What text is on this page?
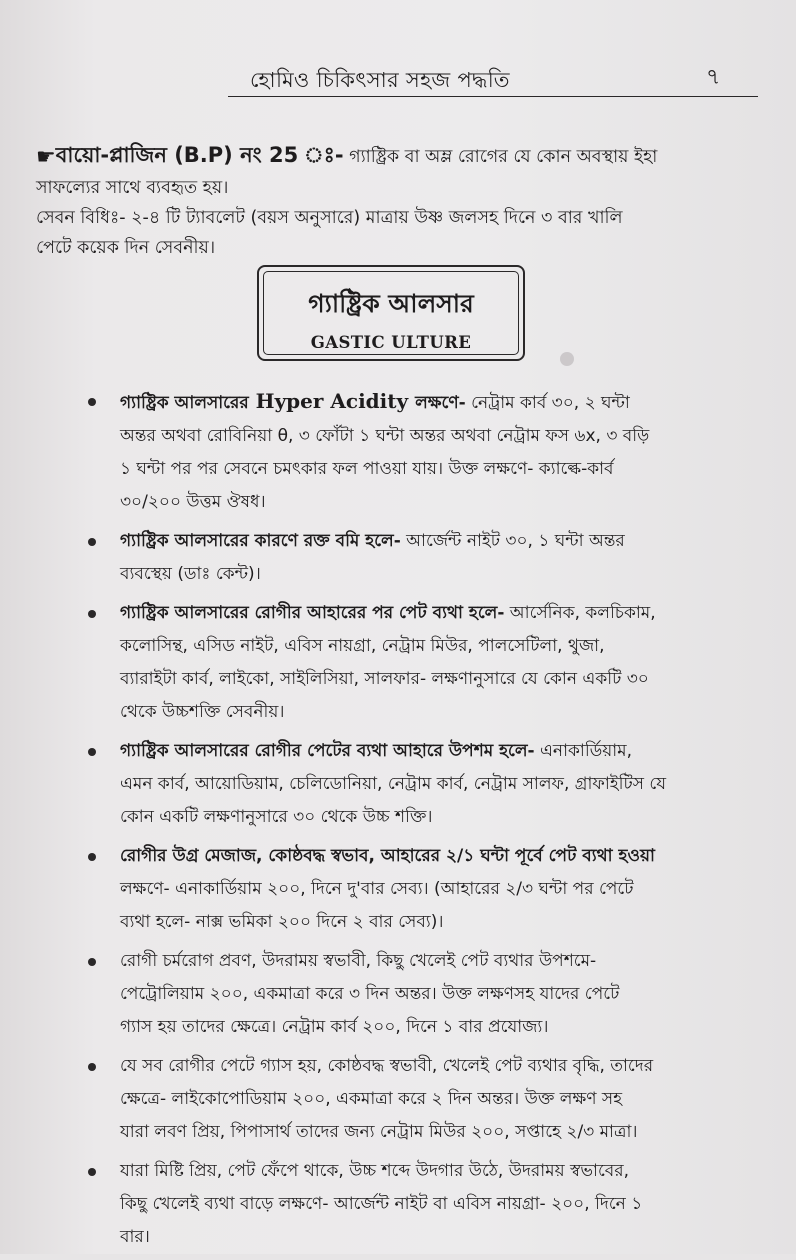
হোমিও চিকিৎসার সহজ পদ্ধতি	৭
☛বায়ো-প্লাজিন (B.P) নং 25 ঃ- গ্যাষ্ট্রিক বা অম্ল রোগের যে কোন অবস্থায় ইহা
সাফল্যের সাথে ব্যবহৃত হয়।
সেবন বিধিঃ- ২-৪ টি ট্যাবলেট (বয়স অনুসারে) মাত্রায় উষ্ণ জলসহ দিনে ৩ বার খালি
পেটে কয়েক দিন সেবনীয়।
গ্যাষ্ট্রিক আলসার
GASTIC ULTURE
গ্যাষ্ট্রিক আলসারের Hyper Acidity লক্ষণে- নেট্রাম কার্ব ৩০, ২ ঘন্টা
অন্তর অথবা রোবিনিয়া θ, ৩ ফোঁটা ১ ঘন্টা অন্তর অথবা নেট্রাম ফস ৬x, ৩ বড়ি
১ ঘন্টা পর পর সেবনে চমৎকার ফল পাওয়া যায়। উক্ত লক্ষণে- ক্যাল্কে-কার্ব
৩০/২০০ উত্তম ঔষধ।
গ্যাষ্ট্রিক আলসারের কারণে রক্ত বমি হলে- আর্জেন্ট নাইট ৩০, ১ ঘন্টা অন্তর
ব্যবস্থেয় (ডাঃ কেন্ট)।
গ্যাষ্ট্রিক আলসারের রোগীর আহারের পর পেট ব্যথা হলে- আর্সেনিক, কলচিকাম,
কলোসিন্থ, এসিড নাইট, এবিস নায়গ্রা, নেট্রাম মিউর, পালসেটিলা, থুজা,
ব্যারাইটা কার্ব, লাইকো, সাইলিসিয়া, সালফার- লক্ষণানুসারে যে কোন একটি ৩০
থেকে উচ্চশক্তি সেবনীয়।
গ্যাষ্ট্রিক আলসারের রোগীর পেটের ব্যথা আহারে উপশম হলে- এনাকার্ডিয়াম,
এমন কার্ব, আয়োডিয়াম, চেলিডোনিয়া, নেট্রাম কার্ব, নেট্রাম সালফ, গ্রাফাইটিস যে
কোন একটি লক্ষণানুসারে ৩০ থেকে উচ্চ শক্তি।
রোগীর উগ্র মেজাজ, কোষ্ঠবদ্ধ স্বভাব, আহারের ২/১ ঘন্টা পূর্বে পেট ব্যথা হওয়া
লক্ষণে- এনাকার্ডিয়াম ২০০, দিনে দু'বার সেব্য। (আহারের ২/৩ ঘন্টা পর পেটে
ব্যথা হলে- নাক্স ভমিকা ২০০ দিনে ২ বার সেব্য)।
রোগী চর্মরোগ প্রবণ, উদরাময় স্বভাবী, কিছু খেলেই পেট ব্যথার উপশমে-
পেট্রোলিয়াম ২০০, একমাত্রা করে ৩ দিন অন্তর। উক্ত লক্ষণসহ যাদের পেটে
গ্যাস হয় তাদের ক্ষেত্রে। নেট্রাম কার্ব ২০০, দিনে ১ বার প্রযোজ্য।
যে সব রোগীর পেটে গ্যাস হয়, কোষ্ঠবদ্ধ স্বভাবী, খেলেই পেট ব্যথার বৃদ্ধি, তাদের
ক্ষেত্রে- লাইকোপোডিয়াম ২০০, একমাত্রা করে ২ দিন অন্তর। উক্ত লক্ষণ সহ
যারা লবণ প্রিয়, পিপাসার্থ তাদের জন্য নেট্রাম মিউর ২০০, সপ্তাহে ২/৩ মাত্রা।
যারা মিষ্টি প্রিয়, পেট ফেঁপে থাকে, উচ্চ শব্দে উদগার উঠে, উদরাময় স্বভাবের,
কিছু খেলেই ব্যথা বাড়ে লক্ষণে- আর্জেন্ট নাইট বা এবিস নায়গ্রা- ২০০, দিনে ১
বার।
